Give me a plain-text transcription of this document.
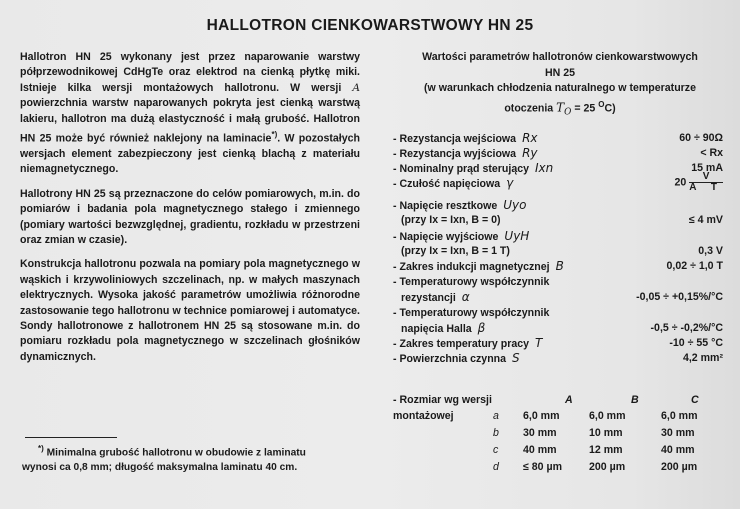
HALLOTRON CIENKOWARSTWOWY HN 25

Hallotron HN 25 wykonany jest przez naparowanie warstwy półprzewodnikowej CdHgTe oraz elektrod na cienką płytkę miki. Istnieje kilka wersji montażowych hallotronu. W wersji A powierzchnia warstw naparowanych pokryta jest cienką warstwą lakieru, hallotron ma dużą elastyczność i małą grubość. Hallotron HN 25 może być również naklejony na laminacie*). W pozostałych wersjach element zabezpieczony jest cienką blachą z materiału niemagnetycznego.

Hallotrony HN 25 są przeznaczone do celów pomiarowych, m.in. do pomiarów i badania pola magnetycznego stałego i zmiennego (pomiary wartości bezwzględnej, gradientu, rozkładu w przestrzeni oraz zmian w czasie).

Konstrukcja hallotronu pozwala na pomiary pola magnetycznego w wąskich i krzywoliniowych szczelinach, np. w małych maszynach elektrycznych. Wysoka jakość parametrów umożliwia różnorodne zastosowanie tego hallotronu w technice pomiarowej i automatyce. Sondy hallotronowe z hallotronem HN 25 są stosowane m.in. do pomiaru rozkładu pola magnetycznego w szczelinach głośników dynamicznych.

*) Minimalna grubość hallotronu w obudowie z laminatu
wynosi ca 0,8 mm; długość maksymalna laminatu 40 cm.
Wartości parametrów hallotronów cienkowarstwowych
HN 25
(w warunkach chłodzenia naturalnego w temperaturze
otoczenia $T_O = 25$ $^O$C)
- Rezystancja wejściowa Rx	60 ÷ 90Ω
- Rezystancja wyjściowa Ry	< Rx
- Nominalny prąd sterujący Ixn	15 mA
- Czułość napięciowa γ	$20 \frac{V}{\text{A T}}$
- Napięcie resztkowe Uyo
(przy Ix = Ixn, B = 0)	≤ 4 mV
- Napięcie wyjściowe UyH
(przy Ix = Ixn, B = 1 T)	0,3 V
- Zakres indukcji magnetycznej B	0,02 ÷ 1,0 T
- Temperaturowy współczynnik
rezystancji α	-0,05 ÷ +0,15%/°C
- Temperaturowy współczynnik
napięcia Halla β	-0,5 ÷ -0,2%/°C
- Zakres temperatury pracy T	-10 ÷ 55 °C
- Powierzchnia czynna S	4,2 mm²
- Rozmiar wg wersji	A	B	C
montażowej	a 6,0 mm	6,0 mm	6,0 mm
b 30 mm	10 mm	30 mm
c 40 mm	12 mm	40 mm
d ≤ 80 µm	200 µm	200 µm
